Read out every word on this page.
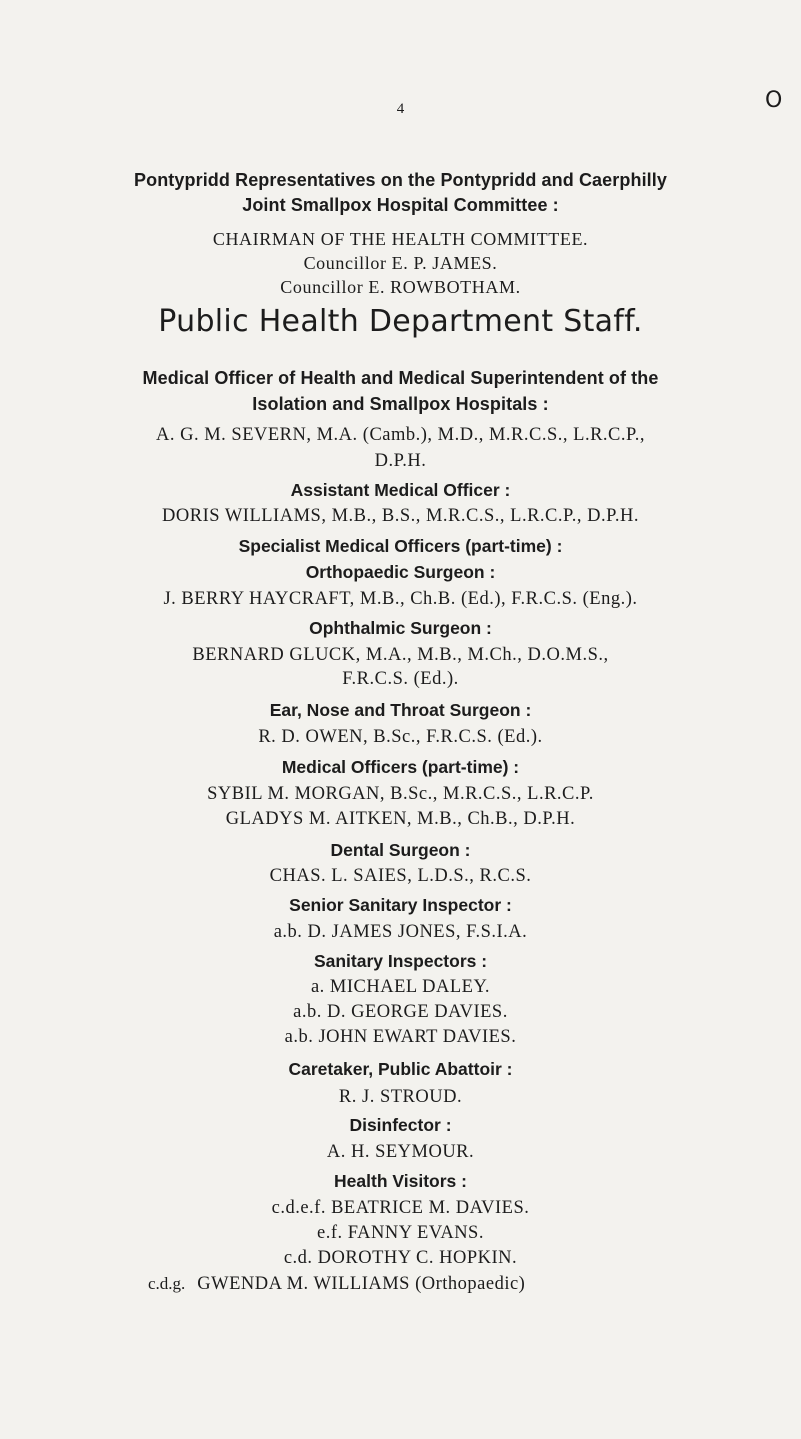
O
4
Pontypridd Representatives on the Pontypridd and Caerphilly
Joint Smallpox Hospital Committee :
CHAIRMAN OF THE HEALTH COMMITTEE.
Councillor E. P. JAMES.
Councillor E. ROWBOTHAM.
Public Health Department Staff.
Medical Officer of Health and Medical Superintendent of the
Isolation and Smallpox Hospitals :
A. G. M. SEVERN, M.A. (Camb.), M.D., M.R.C.S., L.R.C.P.,
D.P.H.
Assistant Medical Officer :
DORIS WILLIAMS, M.B., B.S., M.R.C.S., L.R.C.P., D.P.H.
Specialist Medical Officers (part-time) :
Orthopaedic Surgeon :
J. BERRY HAYCRAFT, M.B., Ch.B. (Ed.), F.R.C.S. (Eng.).
Ophthalmic Surgeon :
BERNARD GLUCK, M.A., M.B., M.Ch., D.O.M.S.,
F.R.C.S. (Ed.).
Ear, Nose and Throat Surgeon :
R. D. OWEN, B.Sc., F.R.C.S. (Ed.).
Medical Officers (part-time) :
SYBIL M. MORGAN, B.Sc., M.R.C.S., L.R.C.P.
GLADYS M. AITKEN, M.B., Ch.B., D.P.H.
Dental Surgeon :
CHAS. L. SAIES, L.D.S., R.C.S.
Senior Sanitary Inspector :
a.b. D. JAMES JONES, F.S.I.A.
Sanitary Inspectors :
a. MICHAEL DALEY.
a.b. D. GEORGE DAVIES.
a.b. JOHN EWART DAVIES.
Caretaker, Public Abattoir :
R. J. STROUD.
Disinfector :
A. H. SEYMOUR.
Health Visitors :
c.d.e.f. BEATRICE M. DAVIES.
e.f. FANNY EVANS.
c.d. DOROTHY C. HOPKIN.
c.d.g. GWENDA M. WILLIAMS (Orthopaedic)
